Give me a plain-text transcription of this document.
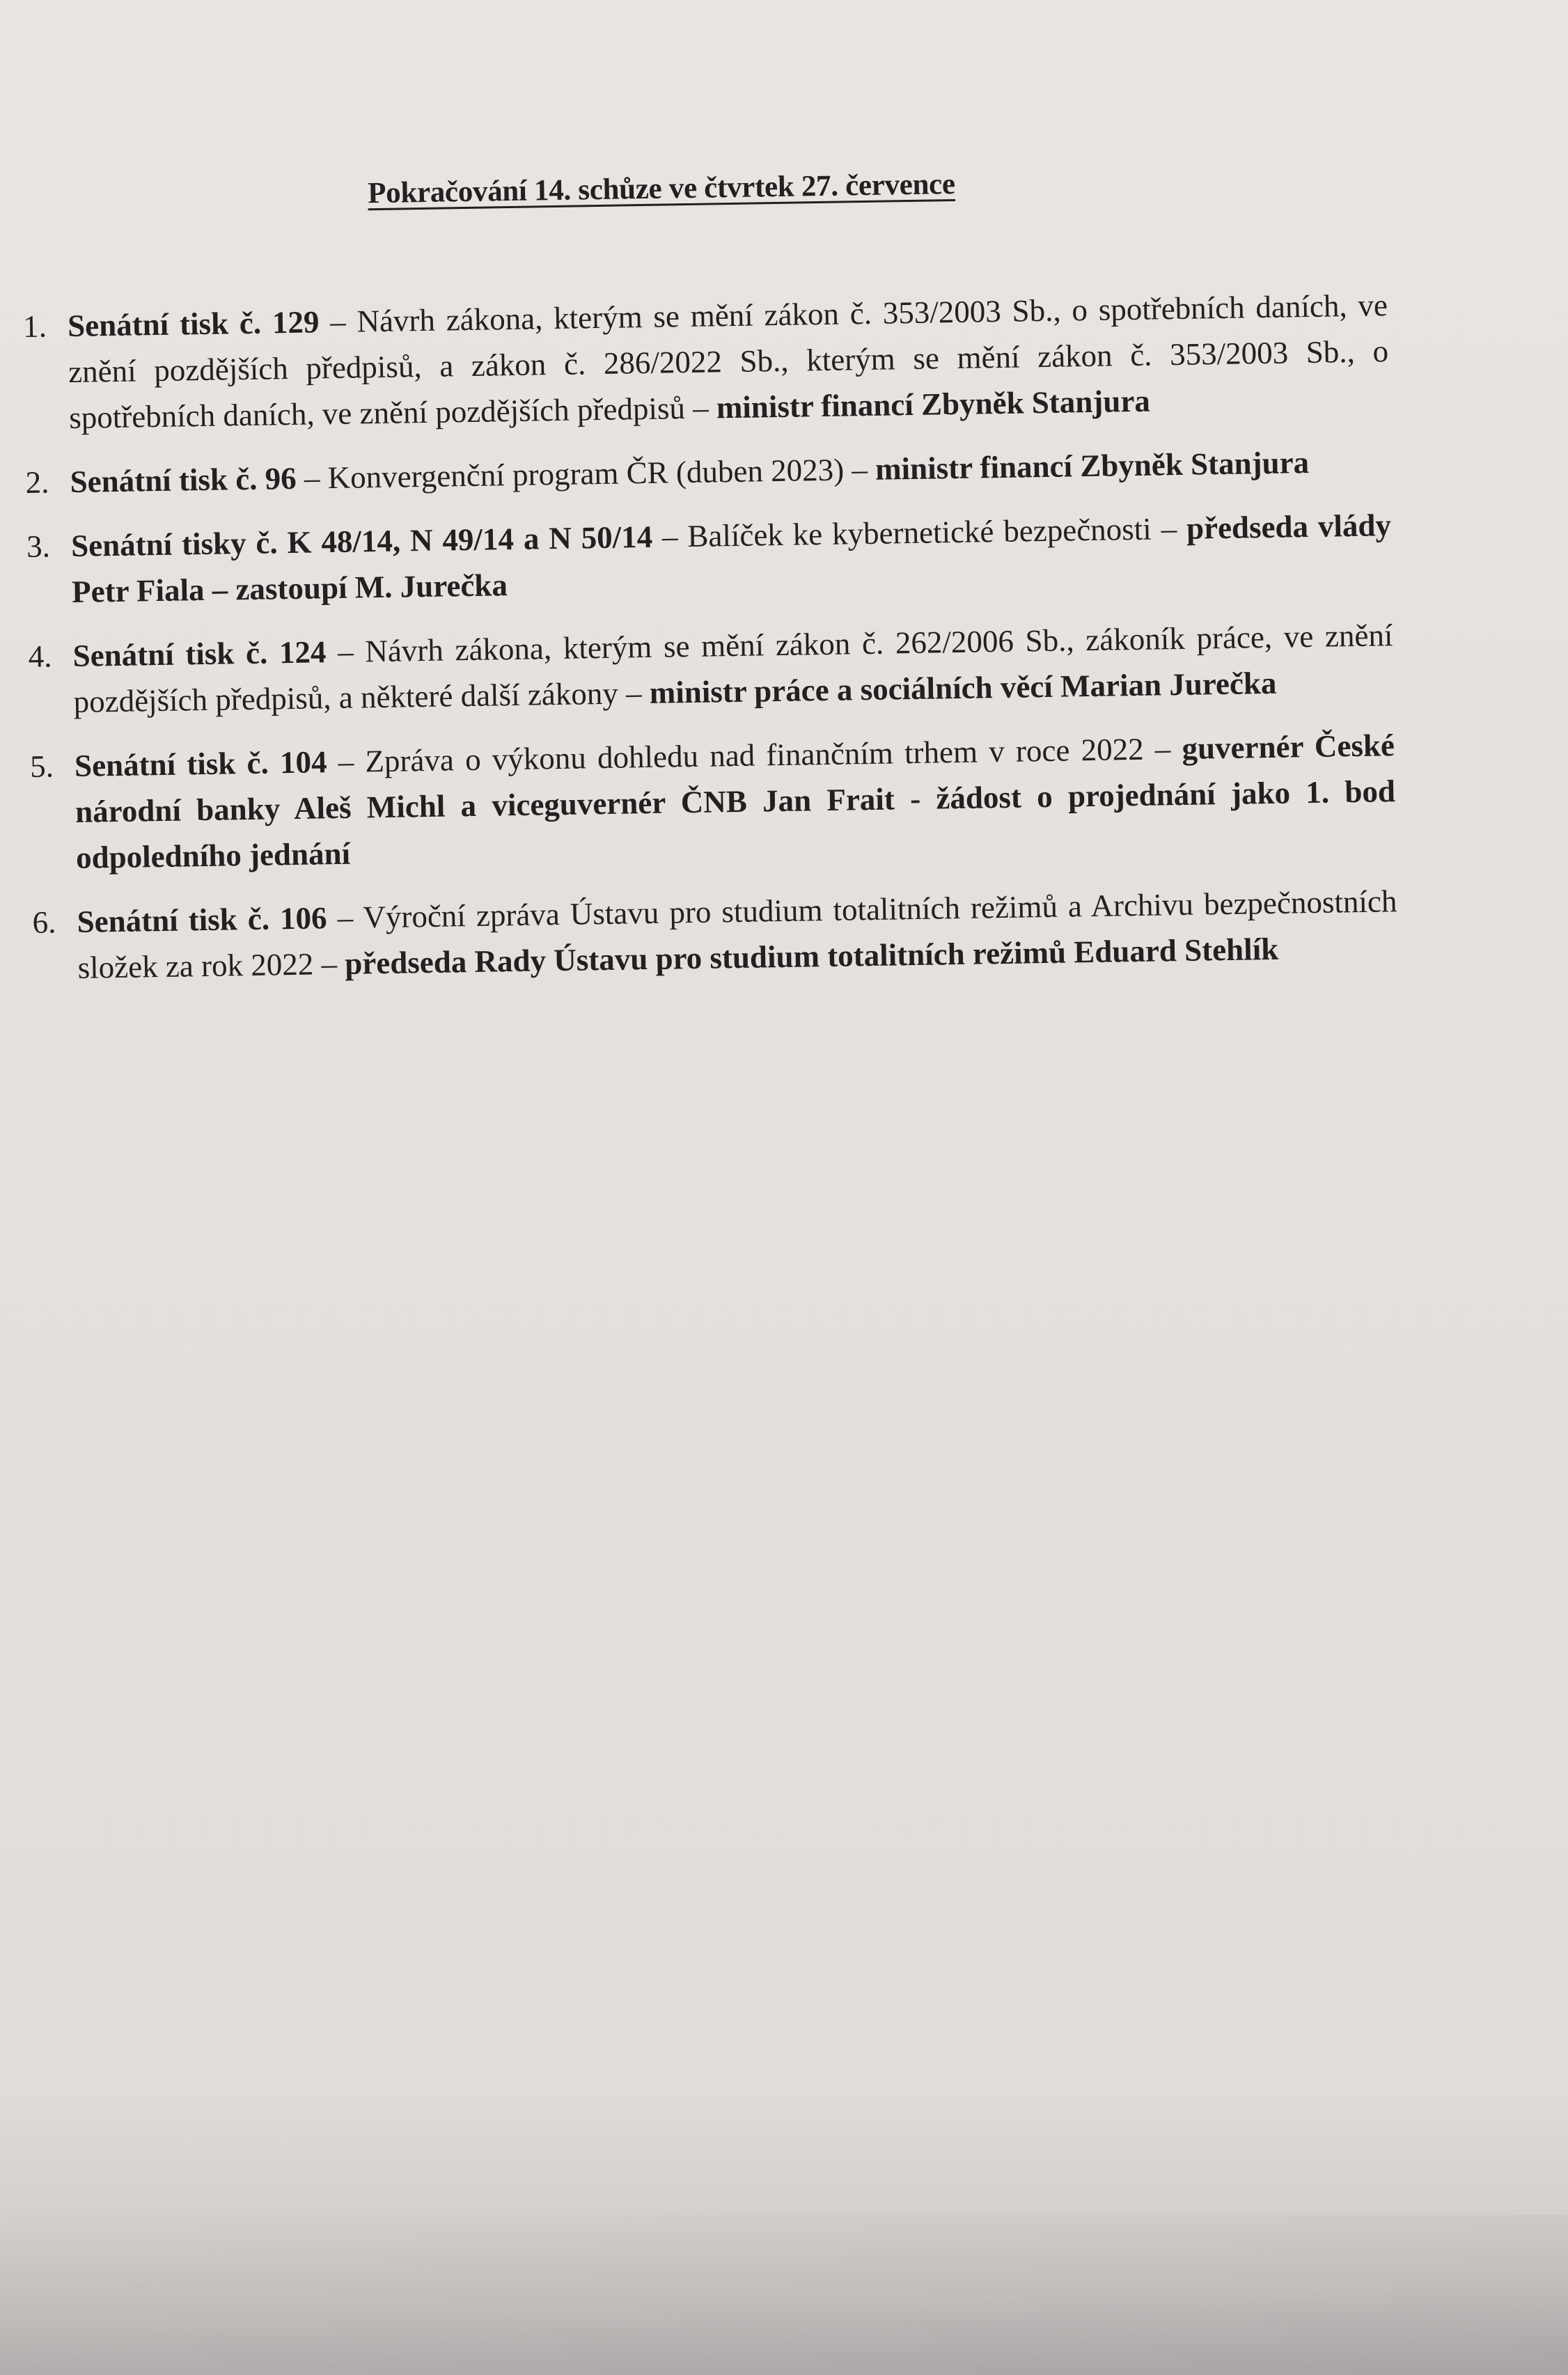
Pokračování 14. schůze ve čtvrtek 27. července
1. Senátní tisk č. 129 – Návrh zákona, kterým se mění zákon č. 353/2003 Sb., o spotřebních daních, ve znění pozdějších předpisů, a zákon č. 286/2022 Sb., kterým se mění zákon č. 353/2003 Sb., o spotřebních daních, ve znění pozdějších předpisů – ministr financí Zbyněk Stanjura
2. Senátní tisk č. 96 – Konvergenční program ČR (duben 2023) – ministr financí Zbyněk Stanjura
3. Senátní tisky č. K 48/14, N 49/14 a N 50/14 – Balíček ke kybernetické bezpečnosti – předseda vlády Petr Fiala – zastoupí M. Jurečka
4. Senátní tisk č. 124 – Návrh zákona, kterým se mění zákon č. 262/2006 Sb., zákoník práce, ve znění pozdějších předpisů, a některé další zákony – ministr práce a sociálních věcí Marian Jurečka
5. Senátní tisk č. 104 – Zpráva o výkonu dohledu nad finančním trhem v roce 2022 – guvernér České národní banky Aleš Michl a viceguvernér ČNB Jan Frait - žádost o projednání jako 1. bod odpoledního jednání
6. Senátní tisk č. 106 – Výroční zpráva Ústavu pro studium totalitních režimů a Archivu bezpečnostních složek za rok 2022 – předseda Rady Ústavu pro studium totalitních režimů Eduard Stehlík
